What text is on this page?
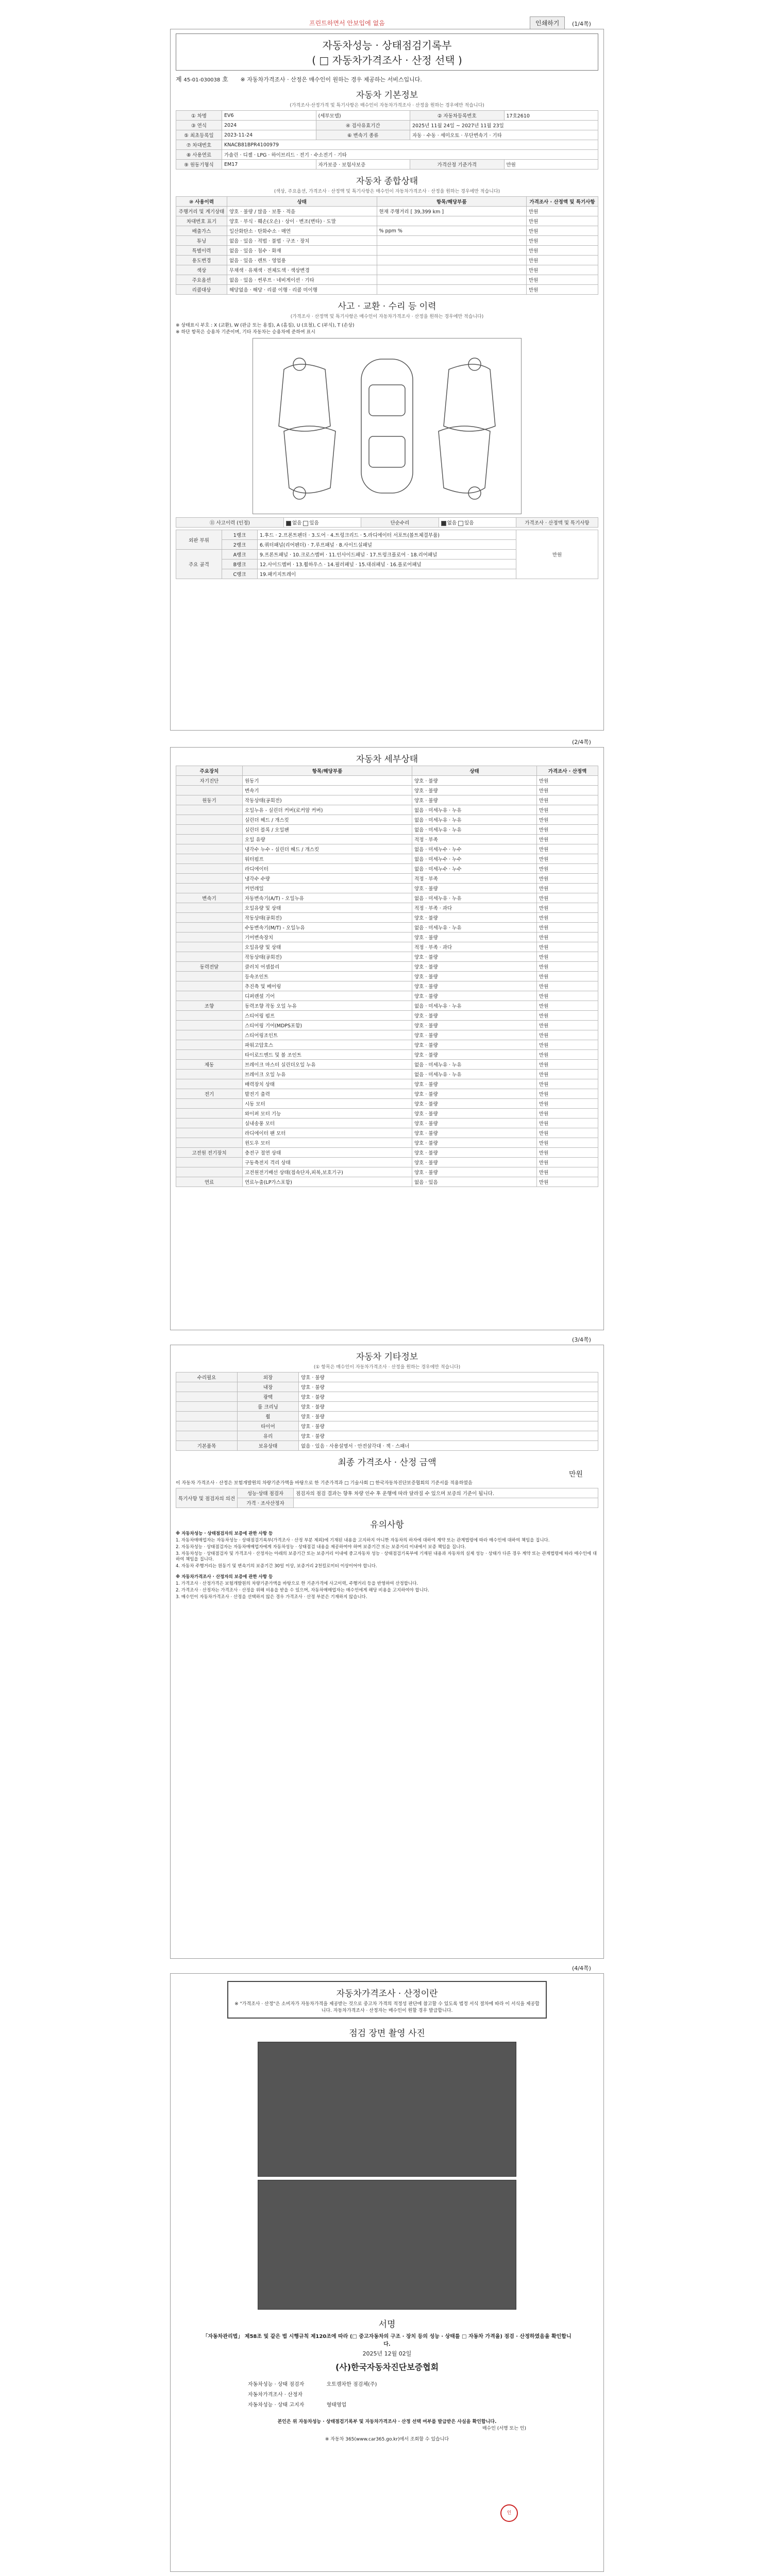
프린트하면서 안보입에 없음	인쇄하기	(1/4쪽)
자동차성능 · 상태점검기록부
( □ 자동차가격조사 · 산정 선택 )
제 45-01-030038 호 ※ 자동차가격조사 · 산정은 매수인이 원하는 경우 제공하는 서비스입니다.
자동차 기본정보
(가격조사·산정가격 및 특기사항은 매수인이 자동차가격조사 · 산정을 원하는 경우에만 적습니다)
① 차명	EV6	(세부모델)	② 자동차등록번호	17호2610
③ 연식	2024	④ 검사유효기간	2025년 11월 24일 ~ 2027년 11월 23일	
⑤ 최초등록일	2023-11-24	⑥ 변속기 종류	자동 · 수동 · 세미오토 · 무단변속기 · 기타	
⑦ 차대번호	KNACB81BPR4100979			
⑧ 사용연료	가솔린 · 디젤 · LPG · 하이브리드 · 전기 · 수소전기 · 기타			
⑨ 원동기형식	EM17	자가보증 · 보험사보증	가격산정 기준가격	만원
자동차 종합상태
(색상, 주요옵션, 가격조사 · 산정액 및 특기사항은 매수인이 자동차가격조사 · 산정을 원하는 경우에만 적습니다)
⑩ 사용이력	상태	항목/해당부품	가격조사 · 산정액 및 특기사항
주행거리 및 계기상태	양호 · 불량 / 많음 · 보통 · 적음	현재 주행거리 [ 39,399 km ]	만원
차대번호 표기	양호 · 부식 · 훼손(오손) · 상이 · 변조(변타) · 도말		만원
배출가스	일산화탄소 · 탄화수소 · 매연	% ppm %	만원
튜닝	없음 · 있음 · 적법 · 불법 · 구조 · 장치		만원
특별이력	없음 · 있음 · 침수 · 화재		만원
용도변경	없음 · 있음 · 렌트 · 영업용		만원
색상	무채색 · 유채색 · 전체도색 · 색상변경		만원
주요옵션	없음 · 있음 · 썬루프 · 네비게이션 · 기타		만원
리콜대상	해당없음 · 해당 · 리콜 이행 · 리콜 미이행		만원
사고 · 교환 · 수리 등 이력
(가격조사 · 산정액 및 특기사항은 매수인이 자동차가격조사 · 산정을 원하는 경우에만 적습니다)
※ 상태표시 부호 : X (교환), W (판금 또는 용접), A (흠집), U (요철), C (부식), T (손상)
※ 하단 항목은 승용차 기준이며, 기타 자동차는 승용차에 준하여 표시
⑪ 사고이력 (인정)	없음 있음	단순수리	없음 있음	가격조사 · 산정액 및 특기사항
외판 부위	1랭크	1.후드 · 2.프론트펜더 · 3.도어 · 4.트렁크리드 · 5.라디에이터 서포트(볼트체결부품)	만원
	2랭크	6.쿼터패널(리어펜더) · 7.루프패널 · 8.사이드실패널	
주요 골격	A랭크	9.프론트패널 · 10.크로스멤버 · 11.인사이드패널 · 17.트렁크플로어 · 18.리어패널	
	B랭크	12.사이드멤버 · 13.휠하우스 · 14.필러패널 · 15.대쉬패널 · 16.플로어패널	
	C랭크	19.패키지트레이	
(2/4쪽)
자동차 세부상태
주요장치	항목/해당부품	상태	가격조사 · 산정액
자기진단	원동기	양호 · 불량	만원
	변속기	양호 · 불량	만원
원동기	작동상태(공회전)	양호 · 불량	만원
	오일누유 - 실린더 커버(로커암 커버)	없음 · 미세누유 · 누유	만원
	실린더 헤드 / 개스킷	없음 · 미세누유 · 누유	만원
	실린더 블록 / 오일팬	없음 · 미세누유 · 누유	만원
	오일 유량	적정 · 부족	만원
	냉각수 누수 - 실린더 헤드 / 개스킷	없음 · 미세누수 · 누수	만원
	워터펌프	없음 · 미세누수 · 누수	만원
	라디에이터	없음 · 미세누수 · 누수	만원
	냉각수 수량	적정 · 부족	만원
	커먼레일	양호 · 불량	만원
변속기	자동변속기(A/T) - 오일누유	없음 · 미세누유 · 누유	만원
	오일유량 및 상태	적정 · 부족 · 과다	만원
	작동상태(공회전)	양호 · 불량	만원
	수동변속기(M/T) - 오일누유	없음 · 미세누유 · 누유	만원
	기어변속장치	양호 · 불량	만원
	오일유량 및 상태	적정 · 부족 · 과다	만원
	작동상태(공회전)	양호 · 불량	만원
동력전달	클러치 어셈블리	양호 · 불량	만원
	등속조인트	양호 · 불량	만원
	추진축 및 베어링	양호 · 불량	만원
	디퍼렌셜 기어	양호 · 불량	만원
조향	동력조향 작동 오일 누유	없음 · 미세누유 · 누유	만원
	스티어링 펌프	양호 · 불량	만원
	스티어링 기어(MDPS포함)	양호 · 불량	만원
	스티어링조인트	양호 · 불량	만원
	파워고압호스	양호 · 불량	만원
	타이로드엔드 및 볼 조인트	양호 · 불량	만원
제동	브레이크 마스터 실린더오일 누유	없음 · 미세누유 · 누유	만원
	브레이크 오일 누유	없음 · 미세누유 · 누유	만원
	배력장치 상태	양호 · 불량	만원
전기	발전기 출력	양호 · 불량	만원
	시동 모터	양호 · 불량	만원
	와이퍼 모터 기능	양호 · 불량	만원
	실내송풍 모터	양호 · 불량	만원
	라디에이터 팬 모터	양호 · 불량	만원
	윈도우 모터	양호 · 불량	만원
고전원 전기장치	충전구 절연 상태	양호 · 불량	만원
	구동축전지 격리 상태	양호 · 불량	만원
	고전원전기배선 상태(접속단자,피복,보호기구)	양호 · 불량	만원
연료	연료누출(LP가스포함)	없음 · 있음	만원
(3/4쪽)
자동차 기타정보
(① 항목은 매수인이 자동차가격조사 · 산정을 원하는 경우에만 적습니다)
수리필요	외장	양호 · 불량
	내장	양호 · 불량
	광택	양호 · 불량
	룸 크리닝	양호 · 불량
	휠	양호 · 불량
	타이어	양호 · 불량
	유리	양호 · 불량
기본품목	보유상태	없음 · 있음 · 사용설명서 · 안전삼각대 · 잭 · 스패너
최종 가격조사 · 산정 금액
만원
이 자동차 가격조사 · 산정은 보험개발원의 차량기준가액을 바탕으로 한 기준가격과 □ 기술사회 □ 한국자동차진단보증협회의 기준서를 적용하였음
특기사항 및 점검자의 의견	성능·상태 점검자	점검자의 점검 결과는 향후 차량 인수 후 운행에 따라 달라질 수 있으며 보증의 기준이 됩니다.
	가격 · 조사산정자	
유의사항

※ 자동차성능 · 상태점검자의 보증에 관한 사항 등

1. 자동차매매업자는 자동차성능 · 상태점검기록부(가격조사 · 산정 부분 제외)에 기재된 내용을 고지하지 아니한 자동차의 하자에 대하여 계약 또는 관계법령에 따라 매수인에 대하여 책임을 집니다.

2. 자동차성능 · 상태점검자는 자동차매매업자에게 자동차성능 · 상태점검 내용을 제공하여야 하며 보증기간 또는 보증거리 이내에서 보증 책임을 집니다.

3. 자동차성능 · 상태점검자 및 가격조사 · 산정자는 아래의 보증기간 또는 보증거리 이내에 중고자동차 성능 · 상태점검기록부에 기재된 내용과 자동차의 실제 성능 · 상태가 다른 경우 계약 또는 관계법령에 따라 매수인에 대하여 책임을 집니다.

4. 자동차 주행거리는 원동기 및 변속기의 보증기간 30일 이상, 보증거리 2천킬로미터 이상이어야 합니다.

※ 자동차가격조사 · 산정자의 보증에 관한 사항 등

1. 가격조사 · 산정가격은 보험개발원의 차량기준가액을 바탕으로 한 기준가격에 사고이력, 주행거리 등을 반영하여 산정합니다.

2. 가격조사 · 산정자는 가격조사 · 산정을 위해 비용을 받을 수 있으며, 자동차매매업자는 매수인에게 해당 비용을 고지하여야 합니다.

3. 매수인이 자동차가격조사 · 산정을 선택하지 않은 경우 가격조사 · 산정 부분은 기재하지 않습니다.

(4/4쪽)
자동차가격조사 · 산정이란
※ "가격조사 · 산정"은 소비자가 자동차가격을 제공받는 것으로 중고차 가격의 적정성 판단에 참고할 수 있도록 법정 서식 절차에 따라 이 서식을 제공합니다. 자동차가격조사 · 산정자는 매수인이 원할 경우 발급합니다.
점검 장면 촬영 사진
서명
「자동차관리법」 제58조 및 같은 법 시행규칙 제120조에 따라 (□ 중고자동차의 구조 · 장치 등의 성능 · 상태를 □ 자동차 가격을) 점검 · 산정하였음을 확인합니다.
2025년 12월 02일
(사)한국자동차진단보증협회
자동차성능 · 상태 점검자	오토캠차한 점검체(주)
자동차가격조사 · 산정자
자동차성능 · 상태 고지자	형태영업
인
본인은 위 자동차성능 · 상태점검기록부 및 자동차가격조사 · 산정 선택 여부를 발급받은 사실을 확인합니다.
매수인 (서명 또는 인)
※ 자동차 365(www.car365.go.kr)에서 조회할 수 있습니다
